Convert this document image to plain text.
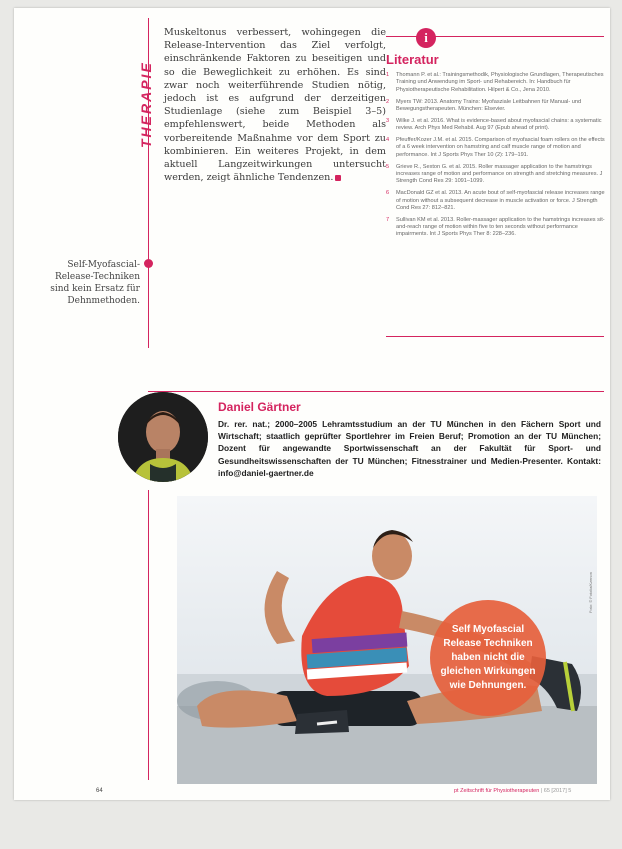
THERAPIE
Muskeltonus verbessert, wohingegen die Release-Intervention das Ziel verfolgt, einschränkende Faktoren zu beseitigen und so die Beweglichkeit zu erhöhen. Es sind zwar noch weiterführende Studien nötig, jedoch ist es aufgrund der derzeitigen Studienlage (siehe zum Beispiel 3–5) empfehlenswert, beide Methoden als vorbereitende Maßnahme vor dem Sport zu kombinieren. Ein weiteres Projekt, in dem aktuell Langzeitwirkungen untersucht werden, zeigt ähnliche Tendenzen.
Self-Myofascial-Release-Techniken sind kein Ersatz für Dehnmethoden.
i
Literatur
1 Thomann P. et al.: Trainingsmethodik, Physiologische Grundlagen, Therapeutisches Training und Anwendung im Sport- und Rehabereich. In: Handbuch für Physiotherapeutische Rehabilitation. Hilpert & Co., Jena 2010.
2 Myers TW: 2013. Anatomy Trains: Myofasziale Leitbahnen für Manual- und Bewegungstherapeuten. München: Elsevier.
3 Wilke J. et al. 2016. What is evidence-based about myofascial chains: a systematic review. Arch Phys Med Rehabil. Aug 97 (Epub ahead of print).
4 Pfeuffer/Kozer J.M. et al. 2015. Comparison of myofascial foam rollers on the effects of a 6 week intervention on hamstring and calf muscle range of motion and performance. Int J Sports Phys Ther 10 (2): 179–191.
5 Grieve R., Sexton G. et al. 2015. Roller massager application to the hamstrings increases range of motion and performance on strength and stretching measures. J Strength Cond Res 29: 1091–1099.
6 MacDonald GZ et al. 2013. An acute bout of self-myofascial release increases range of motion without a subsequent decrease in muscle activation or force. J Strength Cond Res 27: 812–821.
7 Sullivan KM et al. 2013. Roller-massager application to the hamstrings increases sit-and-reach range of motion within five to ten seconds without performance impairments. Int J Sports Phys Ther 8: 228–236.
Daniel Gärtner
Dr. rer. nat.; 2000–2005 Lehramtsstudium an der TU München in den Fächern Sport und Wirtschaft; staatlich geprüfter Sportlehrer im Freien Beruf; Promotion an der TU München; Dozent für angewandte Sportwissenschaft an der Fakultät für Sport- und Gesundheitswissenschaften der TU München; Fitnesstrainer und Medien-Presenter. Kontakt: info@daniel-gaertner.de
Foto: © Fotolia/Kzenon
Self Myofascial Release Techniken haben nicht die gleichen Wirkungen wie Dehnungen.
64	pt Zeitschrift für Physiotherapeuten | 65 [2017] 5
